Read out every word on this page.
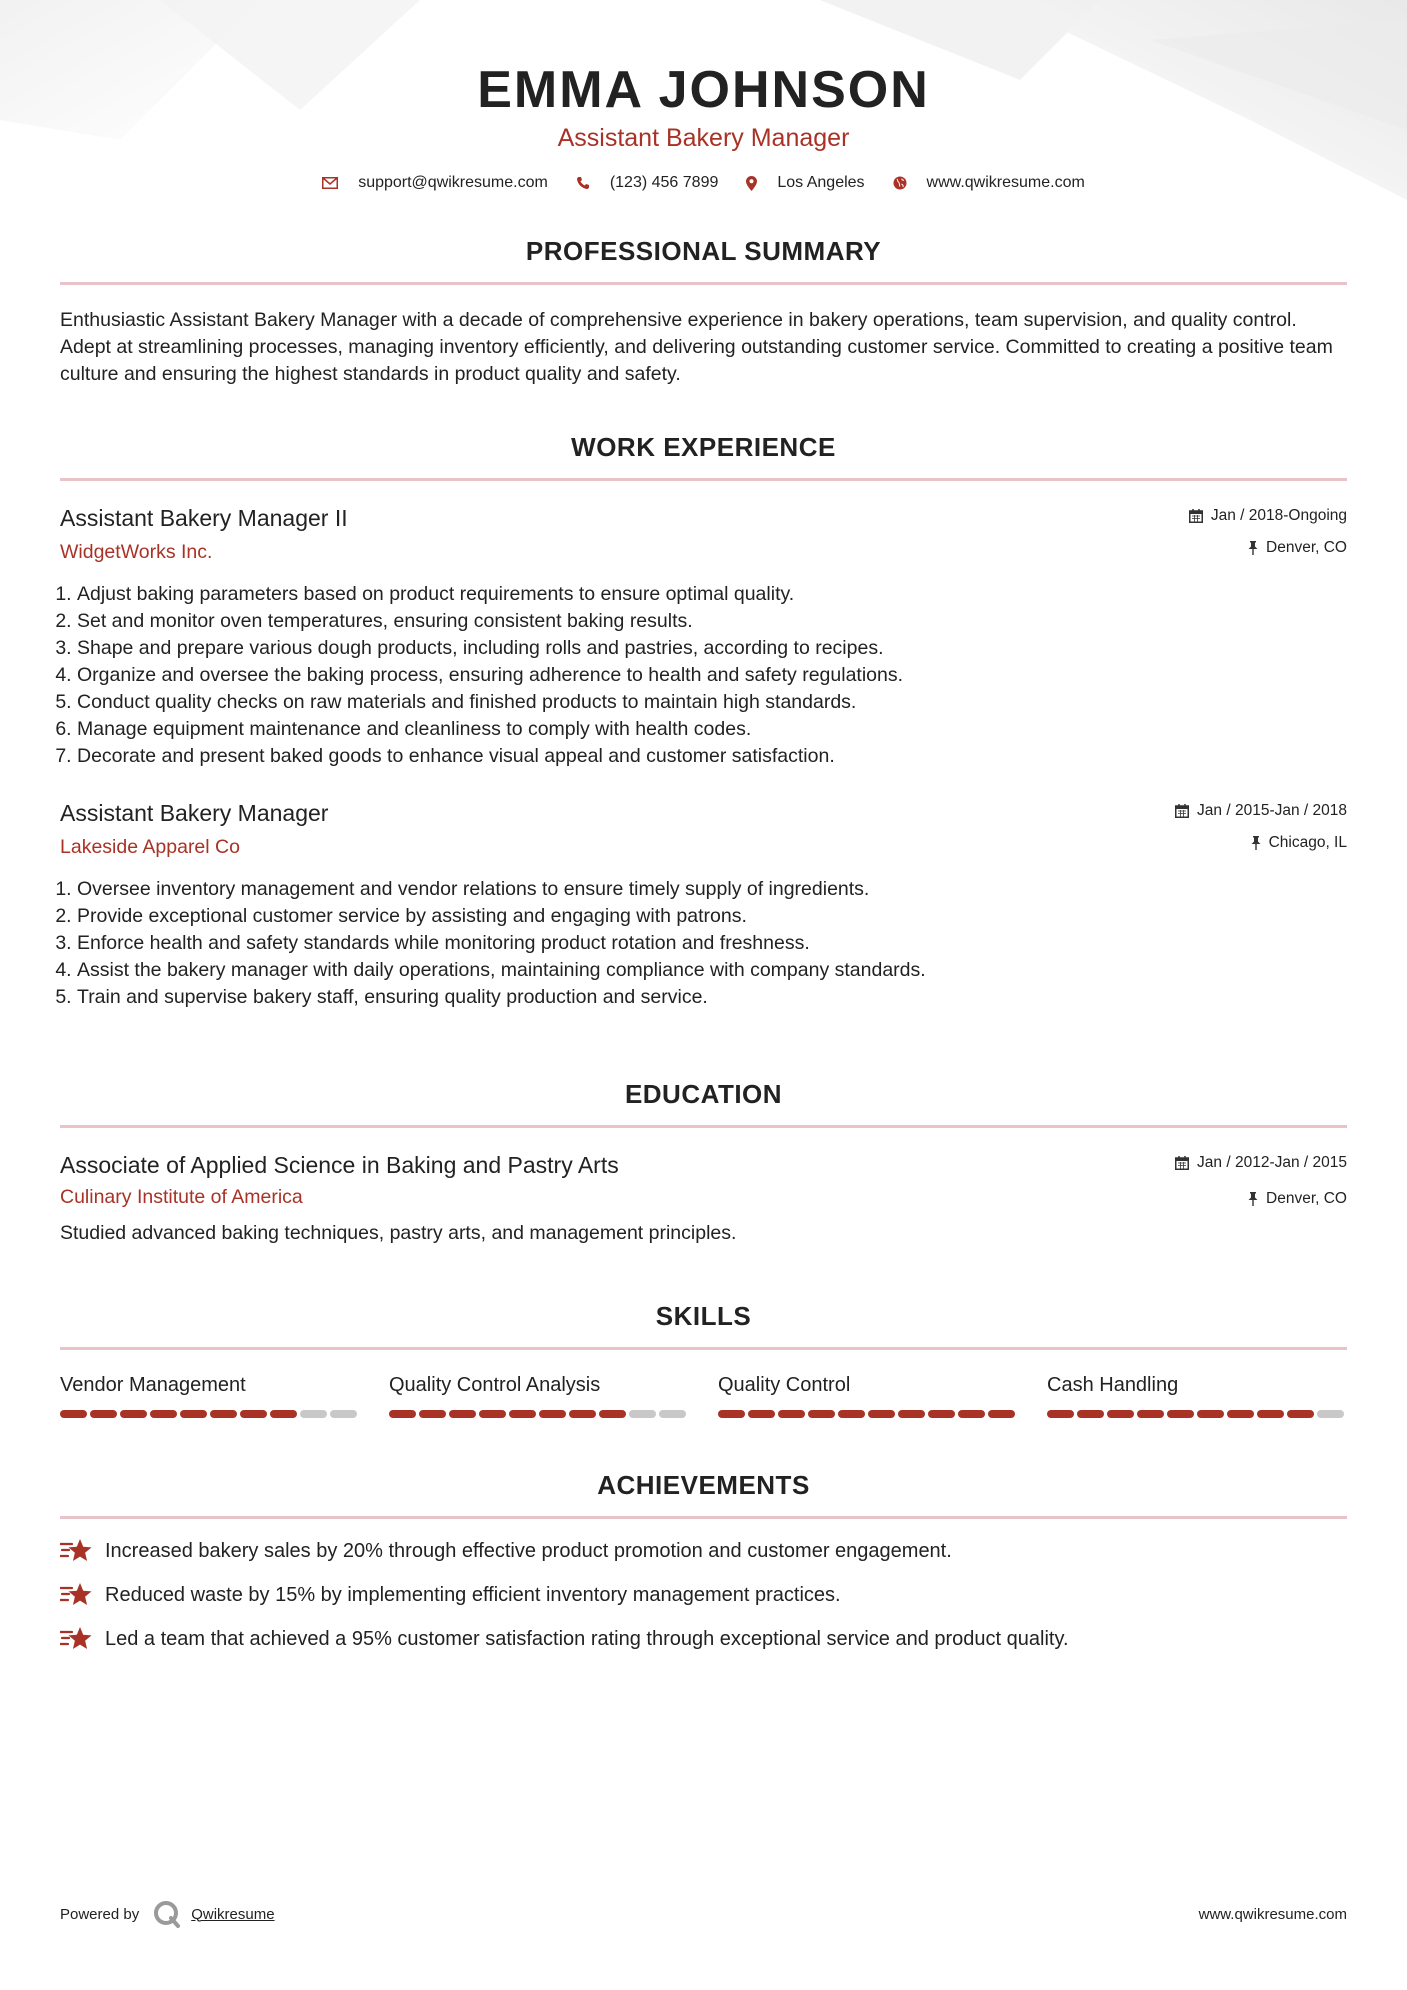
EMMA JOHNSON
Assistant Bakery Manager
support@qwikresume.com	(123) 456 7899	Los Angeles	www.qwikresume.com
PROFESSIONAL SUMMARY
Enthusiastic Assistant Bakery Manager with a decade of comprehensive experience in bakery operations, team supervision, and quality control. Adept at streamlining processes, managing inventory efficiently, and delivering outstanding customer service. Committed to creating a positive team culture and ensuring the highest standards in product quality and safety.
WORK EXPERIENCE
Assistant Bakery Manager II
WidgetWorks Inc.
Jan / 2018-Ongoing
Denver, CO
1. Adjust baking parameters based on product requirements to ensure optimal quality.
2. Set and monitor oven temperatures, ensuring consistent baking results.
3. Shape and prepare various dough products, including rolls and pastries, according to recipes.
4. Organize and oversee the baking process, ensuring adherence to health and safety regulations.
5. Conduct quality checks on raw materials and finished products to maintain high standards.
6. Manage equipment maintenance and cleanliness to comply with health codes.
7. Decorate and present baked goods to enhance visual appeal and customer satisfaction.
Assistant Bakery Manager
Lakeside Apparel Co
Jan / 2015-Jan / 2018
Chicago, IL
1. Oversee inventory management and vendor relations to ensure timely supply of ingredients.
2. Provide exceptional customer service by assisting and engaging with patrons.
3. Enforce health and safety standards while monitoring product rotation and freshness.
4. Assist the bakery manager with daily operations, maintaining compliance with company standards.
5. Train and supervise bakery staff, ensuring quality production and service.
EDUCATION
Associate of Applied Science in Baking and Pastry Arts
Culinary Institute of America
Jan / 2012-Jan / 2015
Denver, CO
Studied advanced baking techniques, pastry arts, and management principles.
SKILLS
Vendor Management	Quality Control Analysis	Quality Control	Cash Handling
ACHIEVEMENTS
Increased bakery sales by 20% through effective product promotion and customer engagement.
Reduced waste by 15% by implementing efficient inventory management practices.
Led a team that achieved a 95% customer satisfaction rating through exceptional service and product quality.
Powered by	Qwikresume	www.qwikresume.com
